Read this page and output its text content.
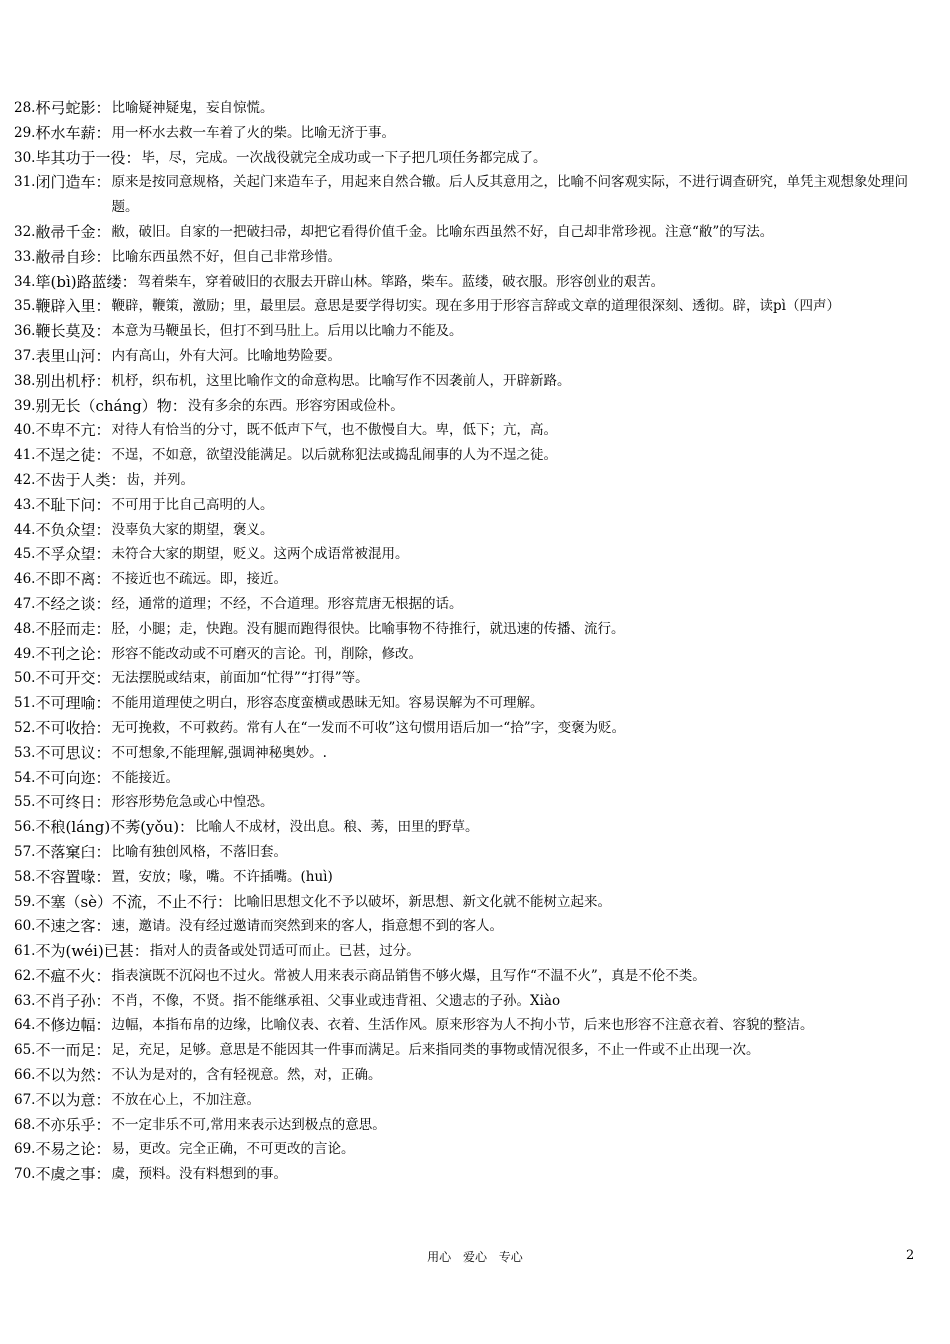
28. 杯弓蛇影： 比喻疑神疑鬼，妄自惊慌。
29. 杯水车薪： 用一杯水去救一车着了火的柴。比喻无济于事。
30. 毕其功于一役： 毕，尽，完成。一次战役就完全成功或一下子把几项任务都完成了。
31. 闭门造车： 原来是按同意规格，关起门来造车子，用起来自然合辙。后人反其意用之，比喻不问客观实际，不进行调查研究，单凭主观想象处理问题。
32. 敝帚千金： 敝，破旧。自家的一把破扫帚，却把它看得价值千金。比喻东西虽然不好，自己却非常珍视。注意“敝”的写法。
33. 敝帚自珍： 比喻东西虽然不好，但自己非常珍惜。
34. 筚(bì)路蓝缕： 驾着柴车，穿着破旧的衣服去开辟山林。筚路，柴车。蓝缕，破衣服。形容创业的艰苦。
35. 鞭辟入里： 鞭辟，鞭策，激励；里，最里层。意思是要学得切实。现在多用于形容言辞或文章的道理很深刻、透彻。辟，读pì（四声）
36. 鞭长莫及： 本意为马鞭虽长，但打不到马肚上。后用以比喻力不能及。
37. 表里山河： 内有高山，外有大河。比喻地势险要。
38. 别出机杼： 机杼，织布机，这里比喻作文的命意构思。比喻写作不因袭前人，开辟新路。
39. 别无长（cháng）物： 没有多余的东西。形容穷困或俭朴。
40. 不卑不亢： 对待人有恰当的分寸，既不低声下气，也不傲慢自大。卑，低下；亢，高。
41. 不逞之徒： 不逞，不如意，欲望没能满足。以后就称犯法或捣乱闹事的人为不逞之徒。
42. 不齿于人类： 齿，并列。
43. 不耻下问： 不可用于比自己高明的人。
44. 不负众望： 没辜负大家的期望，褒义。
45. 不孚众望： 未符合大家的期望，贬义。这两个成语常被混用。
46. 不即不离： 不接近也不疏远。即，接近。
47. 不经之谈： 经，通常的道理；不经，不合道理。形容荒唐无根据的话。
48. 不胫而走： 胫，小腿；走，快跑。没有腿而跑得很快。比喻事物不待推行，就迅速的传播、流行。
49. 不刊之论： 形容不能改动或不可磨灭的言论。刊，削除，修改。
50. 不可开交： 无法摆脱或结束，前面加“忙得”“打得”等。
51. 不可理喻： 不能用道理使之明白，形容态度蛮横或愚昧无知。容易误解为不可理解。
52. 不可收拾： 无可挽救，不可救药。常有人在“一发而不可收”这句惯用语后加一“拾”字，变褒为贬。
53. 不可思议： 不可想象,不能理解,强调神秘奥妙。.
54. 不可向迩： 不能接近。
55. 不可终日： 形容形势危急或心中惶恐。
56. 不稂(láng)不莠(yǒu)： 比喻人不成材，没出息。稂、莠，田里的野草。
57. 不落窠臼： 比喻有独创风格，不落旧套。
58. 不容置喙： 置，安放；喙，嘴。不许插嘴。(huì)
59. 不塞（sè）不流，不止不行： 比喻旧思想文化不予以破坏，新思想、新文化就不能树立起来。
60. 不速之客： 速，邀请。没有经过邀请而突然到来的客人，指意想不到的客人。
61. 不为(wéi)已甚： 指对人的责备或处罚适可而止。已甚，过分。
62. 不瘟不火： 指表演既不沉闷也不过火。常被人用来表示商品销售不够火爆，且写作“不温不火”，真是不伦不类。
63. 不肖子孙： 不肖，不像，不贤。指不能继承祖、父事业或违背祖、父遗志的子孙。Xiào
64. 不修边幅： 边幅，本指布帛的边缘，比喻仪表、衣着、生活作风。原来形容为人不拘小节，后来也形容不注意衣着、容貌的整洁。
65. 不一而足： 足，充足，足够。意思是不能因其一件事而满足。后来指同类的事物或情况很多，不止一件或不止出现一次。
66. 不以为然： 不认为是对的，含有轻视意。然，对，正确。
67. 不以为意： 不放在心上，不加注意。
68. 不亦乐乎： 不一定非乐不可,常用来表示达到极点的意思。
69. 不易之论： 易，更改。完全正确，不可更改的言论。
70. 不虞之事： 虞，预料。没有料想到的事。
用心 爱心 专心	2
